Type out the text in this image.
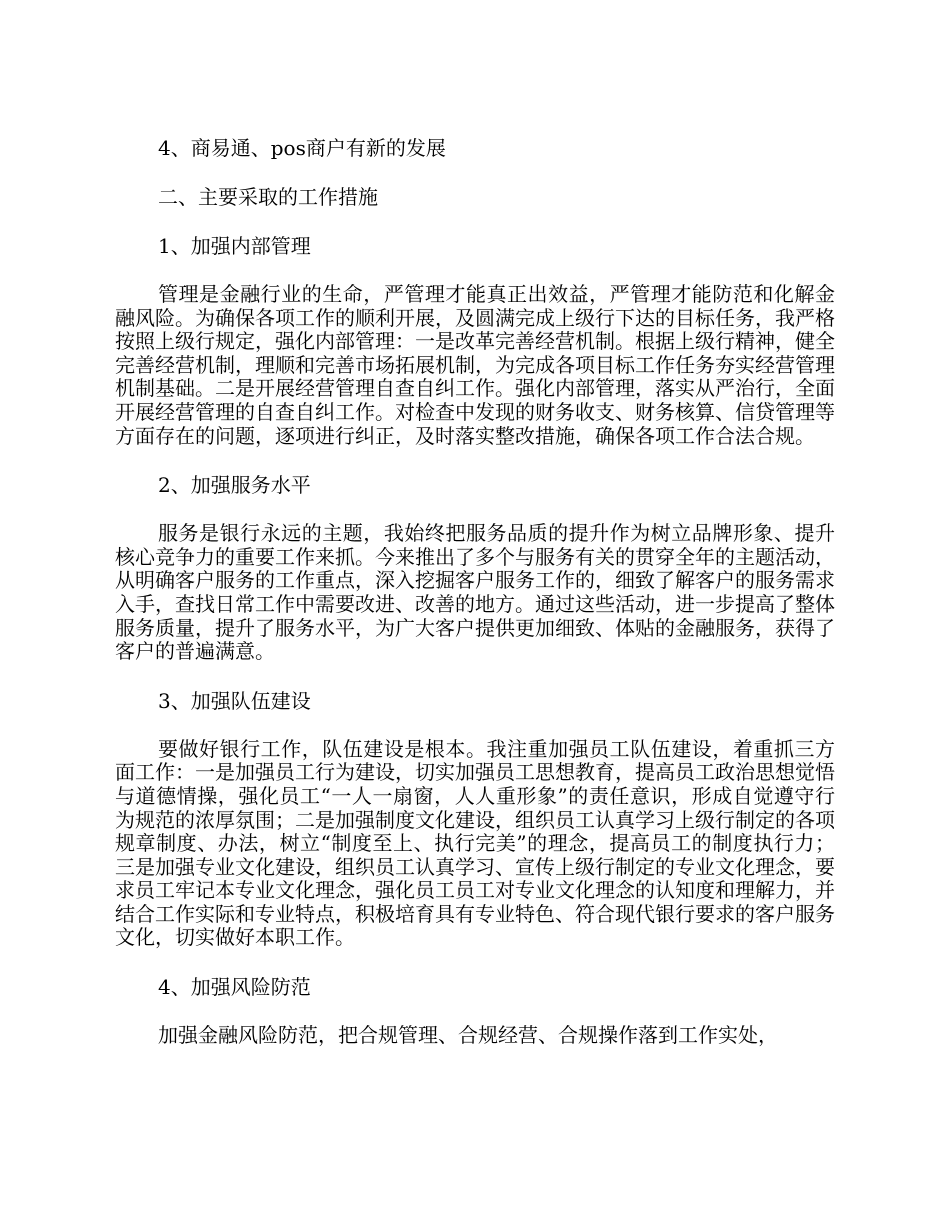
4、商易通、pos商户有新的发展
二、主要采取的工作措施
1、加强内部管理

管理是金融行业的生命，严管理才能真正出效益，严管理才能防范和化解金融风险。为确保各项工作的顺利开展，及圆满完成上级行下达的目标任务，我严格按照上级行规定，强化内部管理：一是改革完善经营机制。根据上级行精神，健全完善经营机制，理顺和完善市场拓展机制，为完成各项目标工作任务夯实经营管理机制基础。二是开展经营管理自查自纠工作。强化内部管理，落实从严治行，全面开展经营管理的自查自纠工作。对检查中发现的财务收支、财务核算、信贷管理等方面存在的问题，逐项进行纠正，及时落实整改措施，确保各项工作合法合规。

2、加强服务水平

服务是银行永远的主题，我始终把服务品质的提升作为树立品牌形象、提升核心竞争力的重要工作来抓。今来推出了多个与服务有关的贯穿全年的主题活动，从明确客户服务的工作重点，深入挖掘客户服务工作的，细致了解客户的服务需求入手，查找日常工作中需要改进、改善的地方。通过这些活动，进一步提高了整体服务质量，提升了服务水平，为广大客户提供更加细致、体贴的金融服务，获得了客户的普遍满意。

3、加强队伍建设

要做好银行工作，队伍建设是根本。我注重加强员工队伍建设，着重抓三方面工作：一是加强员工行为建设，切实加强员工思想教育，提高员工政治思想觉悟与道德情操，强化员工“一人一扇窗，人人重形象”的责任意识，形成自觉遵守行为规范的浓厚氛围；二是加强制度文化建设，组织员工认真学习上级行制定的各项规章制度、办法，树立“制度至上、执行完美”的理念，提高员工的制度执行力；三是加强专业文化建设，组织员工认真学习、宣传上级行制定的专业文化理念，要求员工牢记本专业文化理念，强化员工员工对专业文化理念的认知度和理解力，并结合工作实际和专业特点，积极培育具有专业特色、符合现代银行要求的客户服务文化，切实做好本职工作。

4、加强风险防范

加强金融风险防范，把合规管理、合规经营、合规操作落到工作实处，
